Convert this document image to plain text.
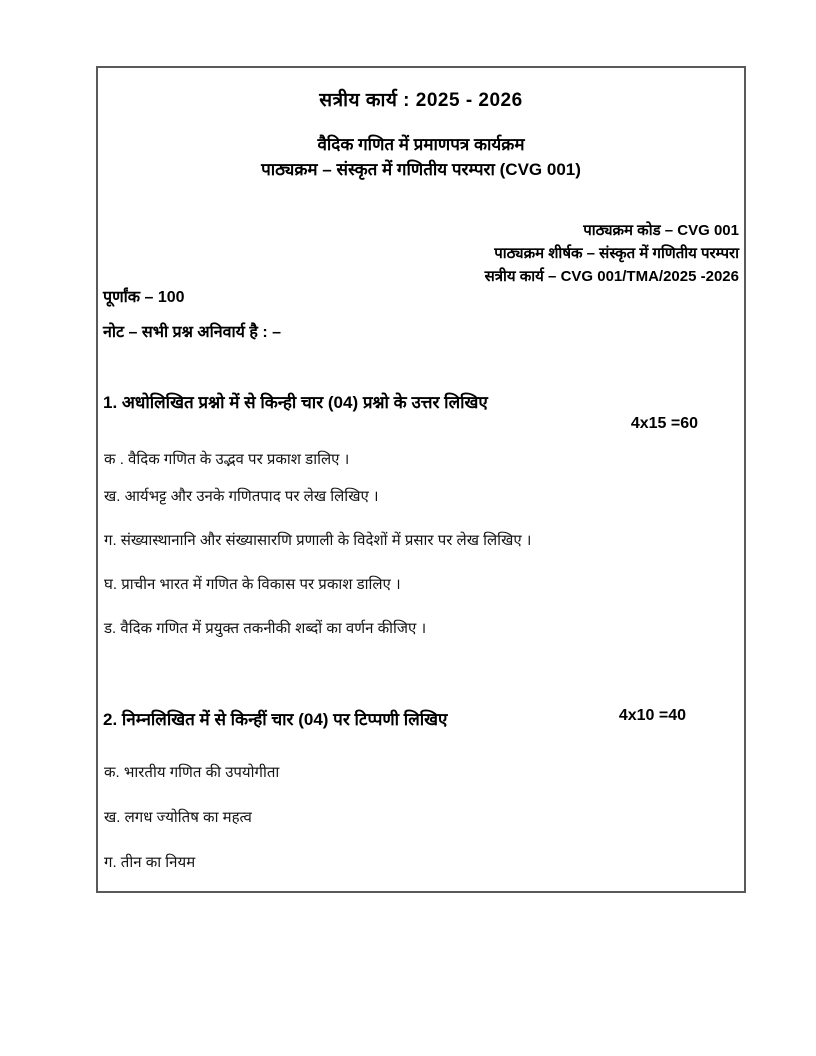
सत्रीय कार्य : 2025 - 2026
वैदिक गणित में प्रमाणपत्र कार्यक्रम
पाठ्यक्रम – संस्कृत में गणितीय परम्परा (CVG 001)
पाठ्यक्रम कोड – CVG 001
पाठ्यक्रम शीर्षक – संस्कृत में गणितीय परम्परा
सत्रीय कार्य – CVG 001/TMA/2025 -2026
पूर्णांक – 100
नोट – सभी प्रश्न अनिवार्य है : –
1. अधोलिखित प्रश्नो में से किन्ही चार (04) प्रश्नो के उत्तर लिखिए
4x15 =60
क . वैदिक गणित के उद्भव पर प्रकाश डालिए ।
ख. आर्यभट्ट और उनके गणितपाद पर लेख लिखिए ।
ग. संख्यास्थानानि और संख्यासारणि प्रणाली के विदेशों में प्रसार पर लेख लिखिए ।
घ. प्राचीन भारत में गणित के विकास पर प्रकाश डालिए ।
ड. वैदिक गणित में प्रयुक्त तकनीकी शब्दों का वर्णन कीजिए ।
2. निम्नलिखित में से किन्हीं चार (04) पर टिप्पणी लिखिए	4x10 =40
क. भारतीय गणित की उपयोगीता
ख. लगध ज्योतिष का महत्व
ग. तीन का नियम
